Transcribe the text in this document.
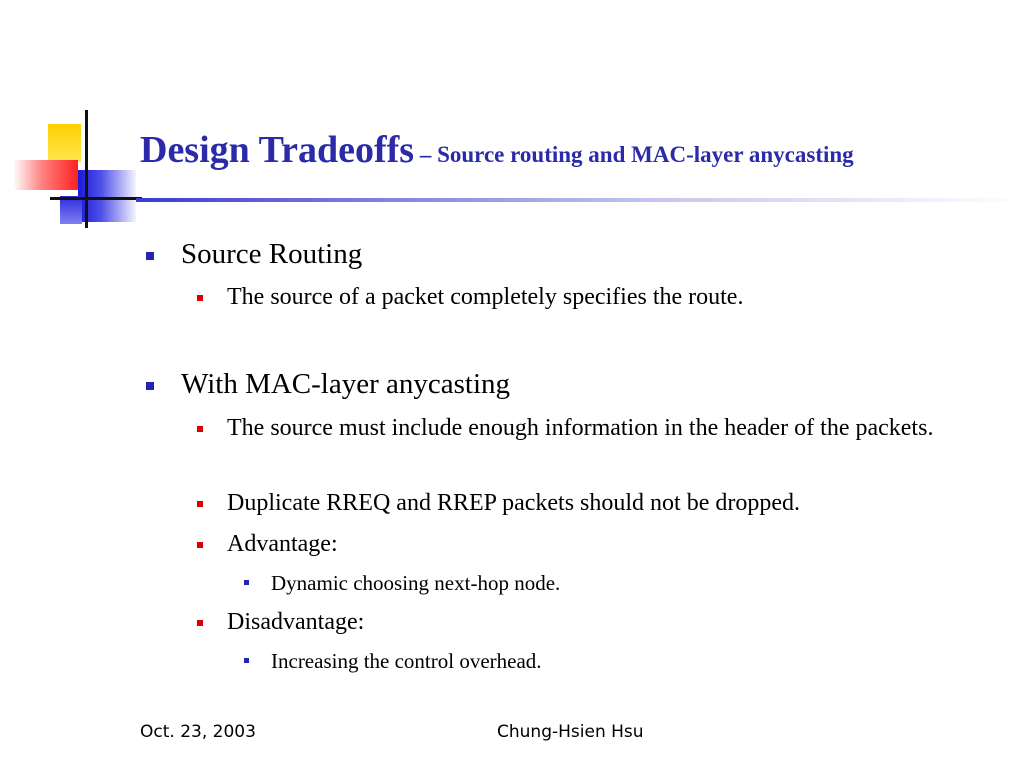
Design Tradeoffs – Source routing and MAC-layer anycasting
Source Routing
The source of a packet completely specifies the route.
With MAC-layer anycasting
The source must include enough information in the header of the packets.
Duplicate RREQ and RREP packets should not be dropped.
Advantage:
Dynamic choosing next-hop node.
Disadvantage:
Increasing the control overhead.
Oct. 23, 2003	Chung-Hsien Hsu
